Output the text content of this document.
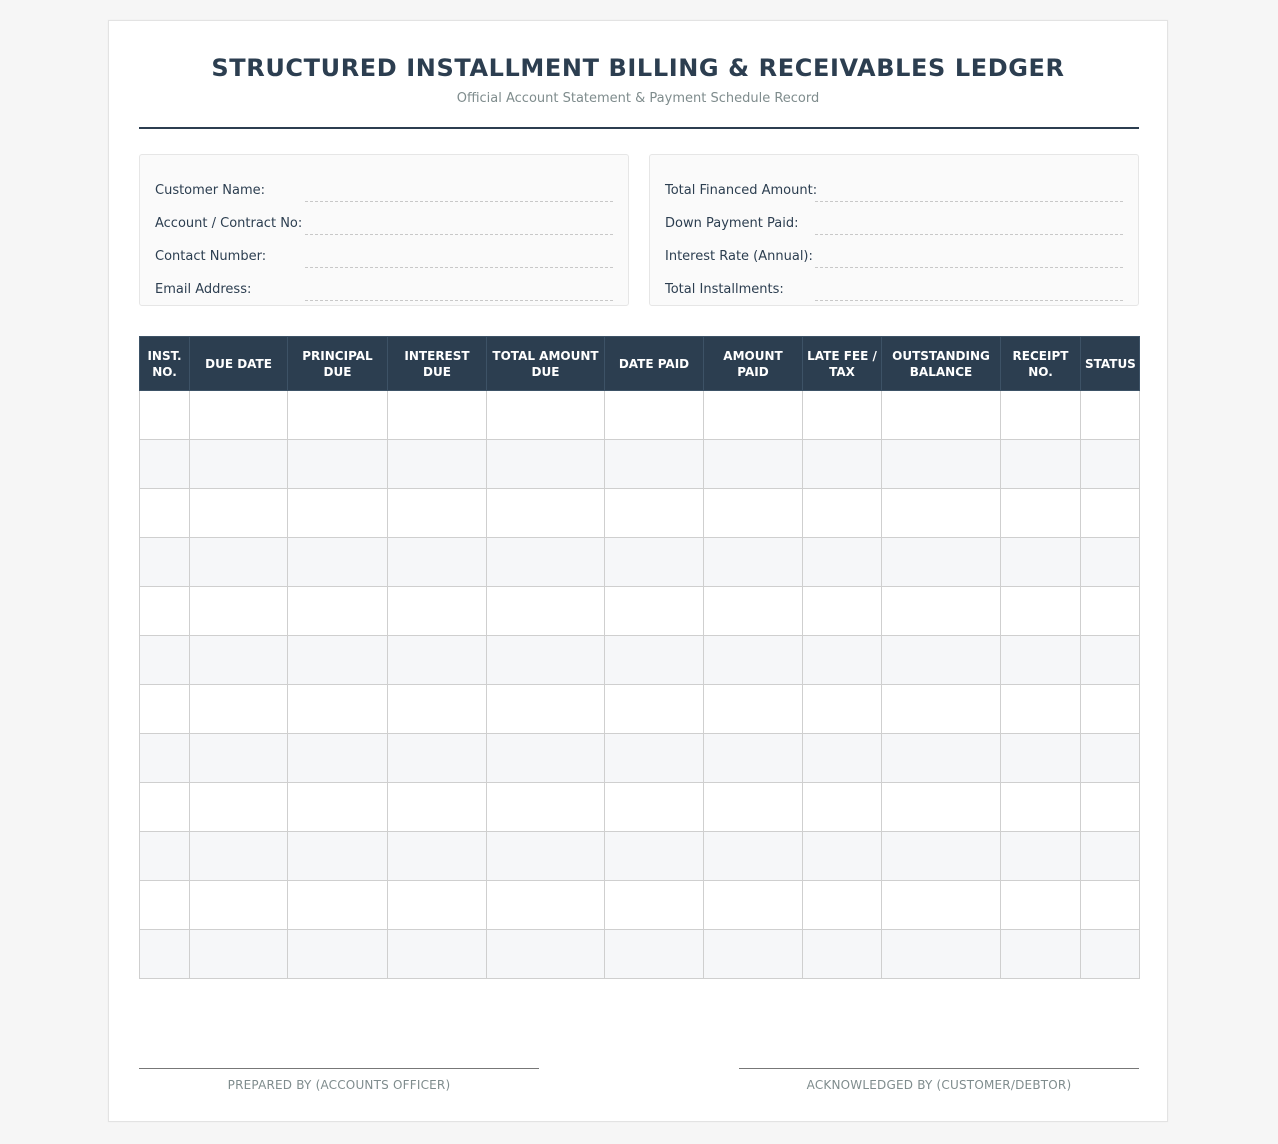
STRUCTURED INSTALLMENT BILLING & RECEIVABLES LEDGER

Official Account Statement & Payment Schedule Record

Customer Name:
Account / Contract No:
Contact Number:
Email Address:
Total Financed Amount:
Down Payment Paid:
Interest Rate (Annual):
Total Installments:
INST. NO.	DUE DATE	PRINCIPAL DUE	INTEREST DUE	TOTAL AMOUNT DUE	DATE PAID	AMOUNT PAID	LATE FEE / TAX	OUTSTANDING BALANCE	RECEIPT NO.	STATUS

PREPARED BY (ACCOUNTS OFFICER)	ACKNOWLEDGED BY (CUSTOMER/DEBTOR)
